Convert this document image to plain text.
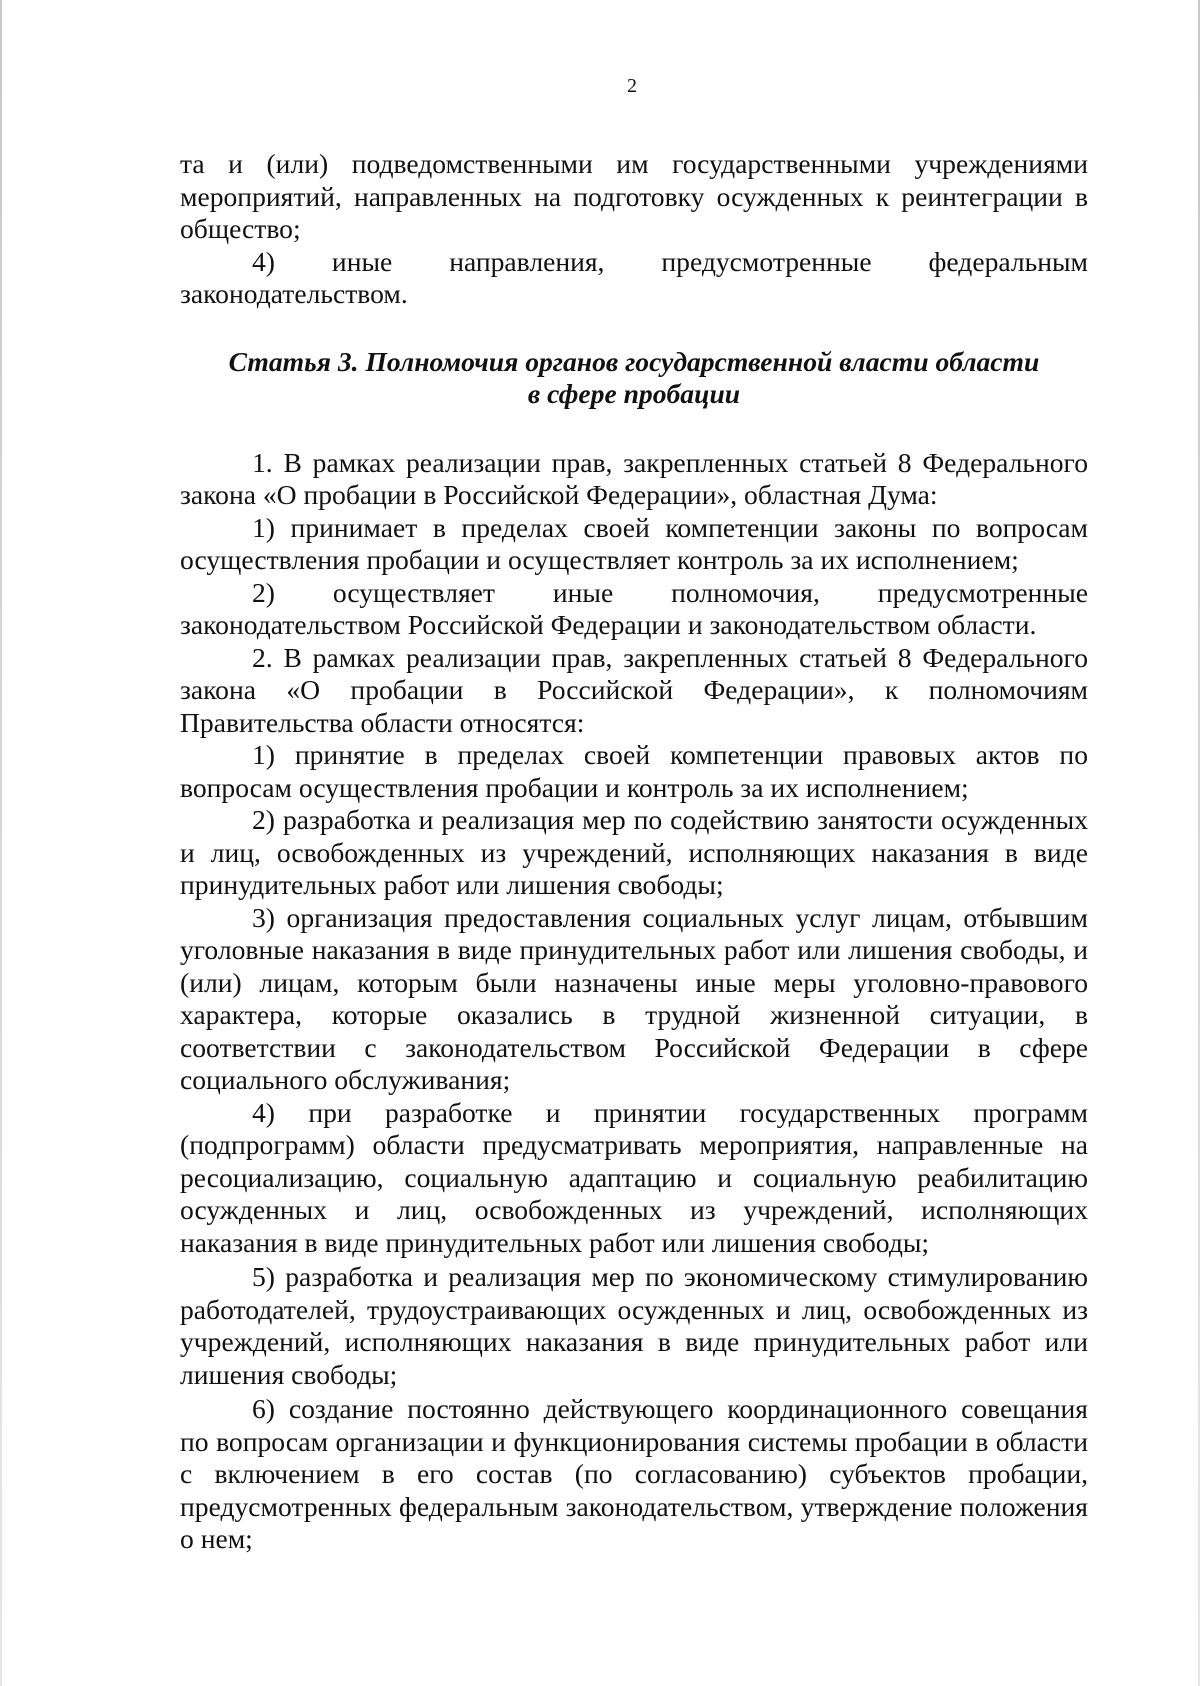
2

та и (или) подведомственными им государственными учреждениями мероприятий, направленных на подготовку осужденных к реинтеграции в общество;

4) иные направления, предусмотренные федеральным законодательством.

Статья 3. Полномочия органов государственной власти области
в сфере пробации

1. В рамках реализации прав, закрепленных статьей 8 Федерального закона «О пробации в Российской Федерации», областная Дума:

1) принимает в пределах своей компетенции законы по вопросам осуществления пробации и осуществляет контроль за их исполнением;

2) осуществляет иные полномочия, предусмотренные законодательством Российской Федерации и законодательством области.

2. В рамках реализации прав, закрепленных статьей 8 Федерального закона «О пробации в Российской Федерации», к полномочиям Правительства области относятся:

1) принятие в пределах своей компетенции правовых актов по вопросам осуществления пробации и контроль за их исполнением;

2) разработка и реализация мер по содействию занятости осужденных и лиц, освобожденных из учреждений, исполняющих наказания в виде принудительных работ или лишения свободы;

3) организация предоставления социальных услуг лицам, отбывшим уголовные наказания в виде принудительных работ или лишения свободы, и (или) лицам, которым были назначены иные меры уголовно-правового характера, которые оказались в трудной жизненной ситуации, в соответствии с законодательством Российской Федерации в сфере социального обслуживания;

4) при разработке и принятии государственных программ (подпрограмм) области предусматривать мероприятия, направленные на ресоциализацию, социальную адаптацию и социальную реабилитацию осужденных и лиц, освобожденных из учреждений, исполняющих наказания в виде принудительных работ или лишения свободы;

5) разработка и реализация мер по экономическому стимулированию работодателей, трудоустраивающих осужденных и лиц, освобожденных из учреждений, исполняющих наказания в виде принудительных работ или лишения свободы;

6) создание постоянно действующего координационного совещания по вопросам организации и функционирования системы пробации в области с включением в его состав (по согласованию) субъектов пробации, предусмотренных федеральным законодательством, утверждение положения о нем;
